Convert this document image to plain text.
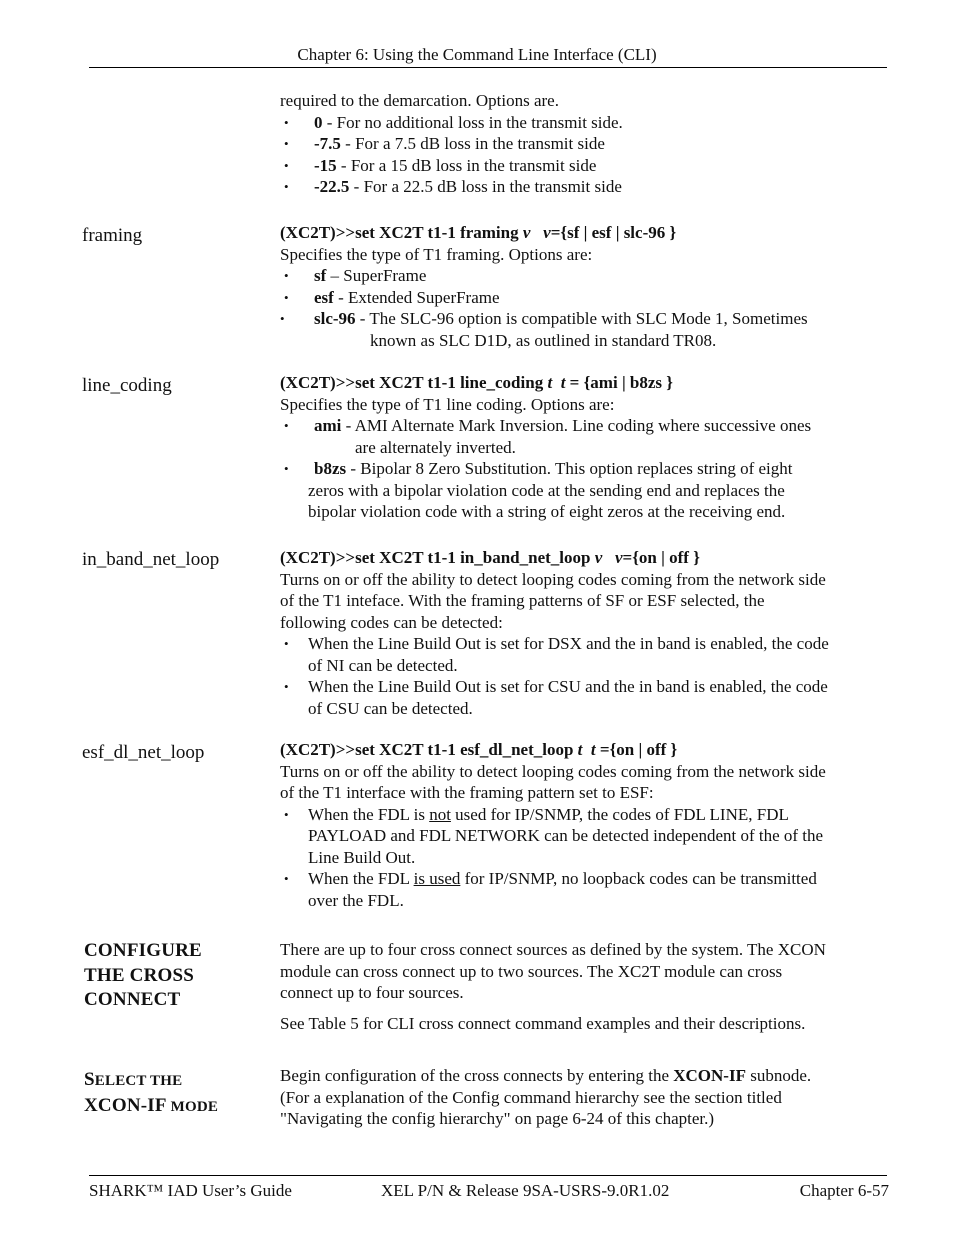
Chapter 6: Using the Command Line Interface (CLI)
required to the demarcation. Options are.
• 0 - For no additional loss in the transmit side.
• -7.5 - For a 7.5 dB loss in the transmit side
• -15 - For a 15 dB loss in the transmit side
• -22.5 - For a 22.5 dB loss in the transmit side
framing	(XC2T)>>set XC2T t1-1 framing v v={sf | esf | slc-96 }
Specifies the type of T1 framing. Options are:
• sf – SuperFrame
• esf - Extended SuperFrame
• slc-96 - The SLC-96 option is compatible with SLC Mode 1, Sometimes
known as SLC D1D, as outlined in standard TR08.
line_coding	(XC2T)>>set XC2T t1-1 line_coding t t = {ami | b8zs }
Specifies the type of T1 line coding. Options are:
• ami - AMI Alternate Mark Inversion. Line coding where successive ones
are alternately inverted.
• b8zs - Bipolar 8 Zero Substitution. This option replaces string of eight
zeros with a bipolar violation code at the sending end and replaces the
bipolar violation code with a string of eight zeros at the receiving end.
in_band_net_loop	(XC2T)>>set XC2T t1-1 in_band_net_loop v v={on | off }
Turns on or off the ability to detect looping codes coming from the network side
of the T1 inteface. With the framing patterns of SF or ESF selected, the
following codes can be detected:
• When the Line Build Out is set for DSX and the in band is enabled, the code
of NI can be detected.
• When the Line Build Out is set for CSU and the in band is enabled, the code
of CSU can be detected.
esf_dl_net_loop	(XC2T)>>set XC2T t1-1 esf_dl_net_loop t t ={on | off }
Turns on or off the ability to detect looping codes coming from the network side
of the T1 interface with the framing pattern set to ESF:
• When the FDL is not used for IP/SNMP, the codes of FDL LINE, FDL
PAYLOAD and FDL NETWORK can be detected independent of the of the
Line Build Out.
• When the FDL is used for IP/SNMP, no loopback codes can be transmitted
over the FDL.
CONFIGURE
THE CROSS
CONNECT
There are up to four cross connect sources as defined by the system. The XCON
module can cross connect up to two sources. The XC2T module can cross
connect up to four sources.
See Table 5 for CLI cross connect command examples and their descriptions.
SELECT THE
XCON-IF MODE
Begin configuration of the cross connects by entering the XCON-IF subnode.
(For a explanation of the Config command hierarchy see the section titled
"Navigating the config hierarchy" on page 6-24 of this chapter.)
SHARK™ IAD User’s Guide	XEL P/N & Release 9SA-USRS-9.0R1.02	Chapter 6-57
